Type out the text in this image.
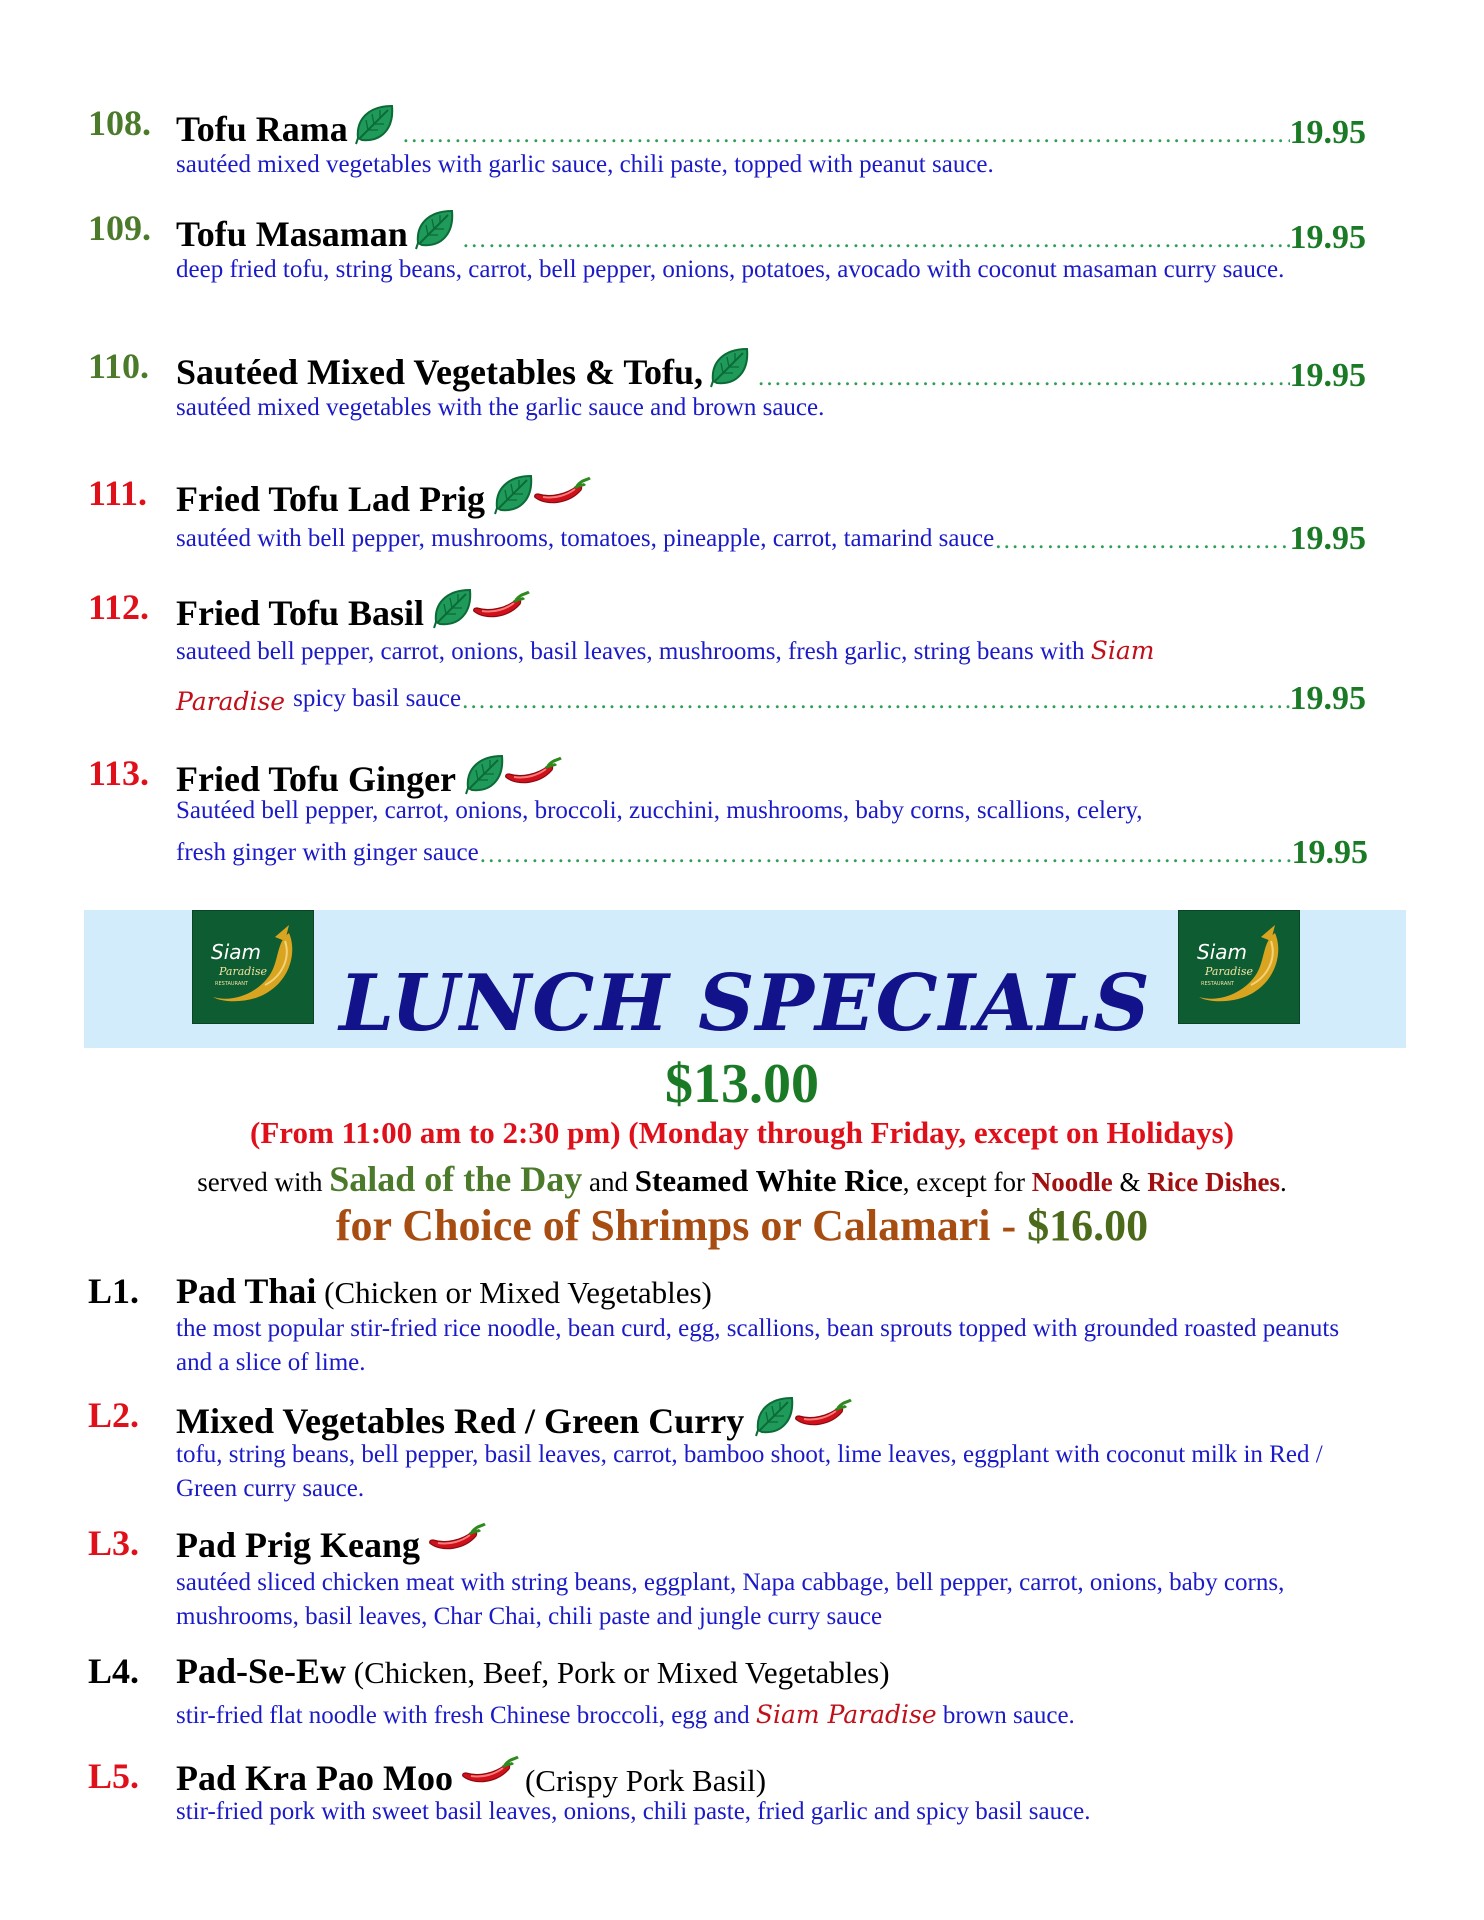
108. Tofu Rama ……………………………………………………………………………………………………………………………………………………………………	19.95
sautéed mixed vegetables with garlic sauce, chili paste, topped with peanut sauce.
109. Tofu Masaman ……………………………………………………………………………………………………………………………………………………………………	19.95
deep fried tofu, string beans, carrot, bell pepper, onions, potatoes, avocado with coconut masaman curry sauce.
110. Sautéed Mixed Vegetables & Tofu, ……………………………………………………………………………………………………………………………………………………………………	19.95
sautéed mixed vegetables with the garlic sauce and brown sauce.
111. Fried Tofu Lad Prig
sautéed with bell pepper, mushrooms, tomatoes, pineapple, carrot, tamarind sauce ……………………………………………………………………………………………………………………………………………………………………	19.95
112. Fried Tofu Basil
sauteed bell pepper, carrot, onions, basil leaves, mushrooms, fresh garlic, string beans with Siam
Paradise spicy basil sauce ……………………………………………………………………………………………………………………………………………………………………	19.95
113. Fried Tofu Ginger
Sautéed bell pepper, carrot, onions, broccoli, zucchini, mushrooms, baby corns, scallions, celery,
fresh ginger with ginger sauce ……………………………………………………………………………………………………………………………………………………………………	19.95
Siam
Paradise
RESTAURANT	LUNCH SPECIALS
Siam
Paradise
RESTAURANT
$13.00
(From 11:00 am to 2:30 pm) (Monday through Friday, except on Holidays)
served with Salad of the Day and Steamed White Rice, except for Noodle & Rice Dishes.
for Choice of Shrimps or Calamari - $16.00
L1. Pad Thai (Chicken or Mixed Vegetables)
the most popular stir-fried rice noodle, bean curd, egg, scallions, bean sprouts topped with grounded roasted peanuts and a slice of lime.
L2. Mixed Vegetables Red / Green Curry
tofu, string beans, bell pepper, basil leaves, carrot, bamboo shoot, lime leaves, eggplant with coconut milk in Red / Green curry sauce.
L3. Pad Prig Keang
sautéed sliced chicken meat with string beans, eggplant, Napa cabbage, bell pepper, carrot, onions, baby corns, mushrooms, basil leaves, Char Chai, chili paste and jungle curry sauce
L4. Pad-Se-Ew (Chicken, Beef, Pork or Mixed Vegetables)
stir-fried flat noodle with fresh Chinese broccoli, egg and Siam Paradise brown sauce.
L5. Pad Kra Pao Moo (Crispy Pork Basil)
stir-fried pork with sweet basil leaves, onions, chili paste, fried garlic and spicy basil sauce.
